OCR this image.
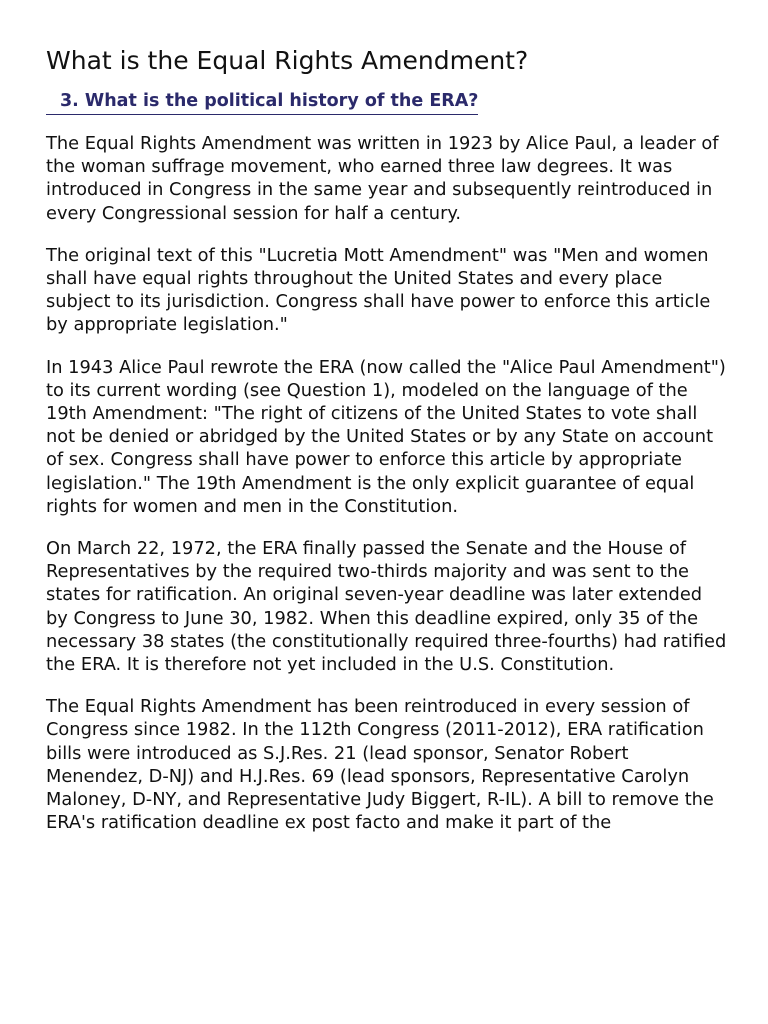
What is the Equal Rights Amendment?
3. What is the political history of the ERA?

The Equal Rights Amendment was written in 1923 by Alice Paul, a leader of the woman suffrage movement, who earned three law degrees. It was introduced in Congress in the same year and subsequently reintroduced in every Congressional session for half a century.

The original text of this "Lucretia Mott Amendment" was "Men and women shall have equal rights throughout the United States and every place subject to its jurisdiction. Congress shall have power to enforce this article by appropriate legislation."

In 1943 Alice Paul rewrote the ERA (now called the "Alice Paul Amendment") to its current wording (see Question 1), modeled on the language of the 19th Amendment: "The right of citizens of the United States to vote shall not be denied or abridged by the United States or by any State on account of sex. Congress shall have power to enforce this article by appropriate legislation." The 19th Amendment is the only explicit guarantee of equal rights for women and men in the Constitution.

On March 22, 1972, the ERA finally passed the Senate and the House of Representatives by the required two-thirds majority and was sent to the states for ratification. An original seven-year deadline was later extended by Congress to June 30, 1982. When this deadline expired, only 35 of the necessary 38 states (the constitutionally required three-fourths) had ratified the ERA. It is therefore not yet included in the U.S. Constitution.

The Equal Rights Amendment has been reintroduced in every session of Congress since 1982. In the 112th Congress (2011-2012), ERA ratification bills were introduced as S.J.Res. 21 (lead sponsor, Senator Robert Menendez, D-NJ) and H.J.Res. 69 (lead sponsors, Representative Carolyn Maloney, D-NY, and Representative Judy Biggert, R-IL). A bill to remove the ERA's ratification deadline ex post facto and make it part of the
